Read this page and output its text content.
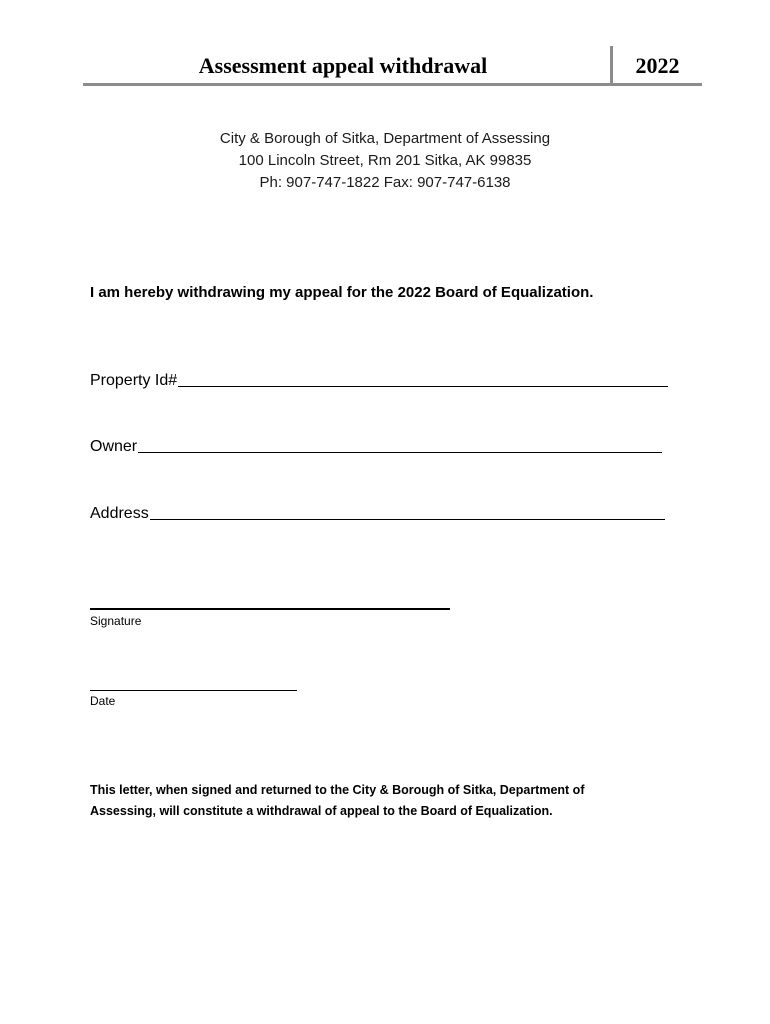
Assessment appeal withdrawal	2022
City & Borough of Sitka, Department of Assessing
100 Lincoln Street, Rm 201 Sitka, AK 99835
Ph: 907-747-1822 Fax: 907-747-6138
I am hereby withdrawing my appeal for the 2022 Board of Equalization.
Property Id#
Owner
Address
Signature
Date
This letter, when signed and returned to the City & Borough of Sitka, Department of
Assessing, will constitute a withdrawal of appeal to the Board of Equalization.
